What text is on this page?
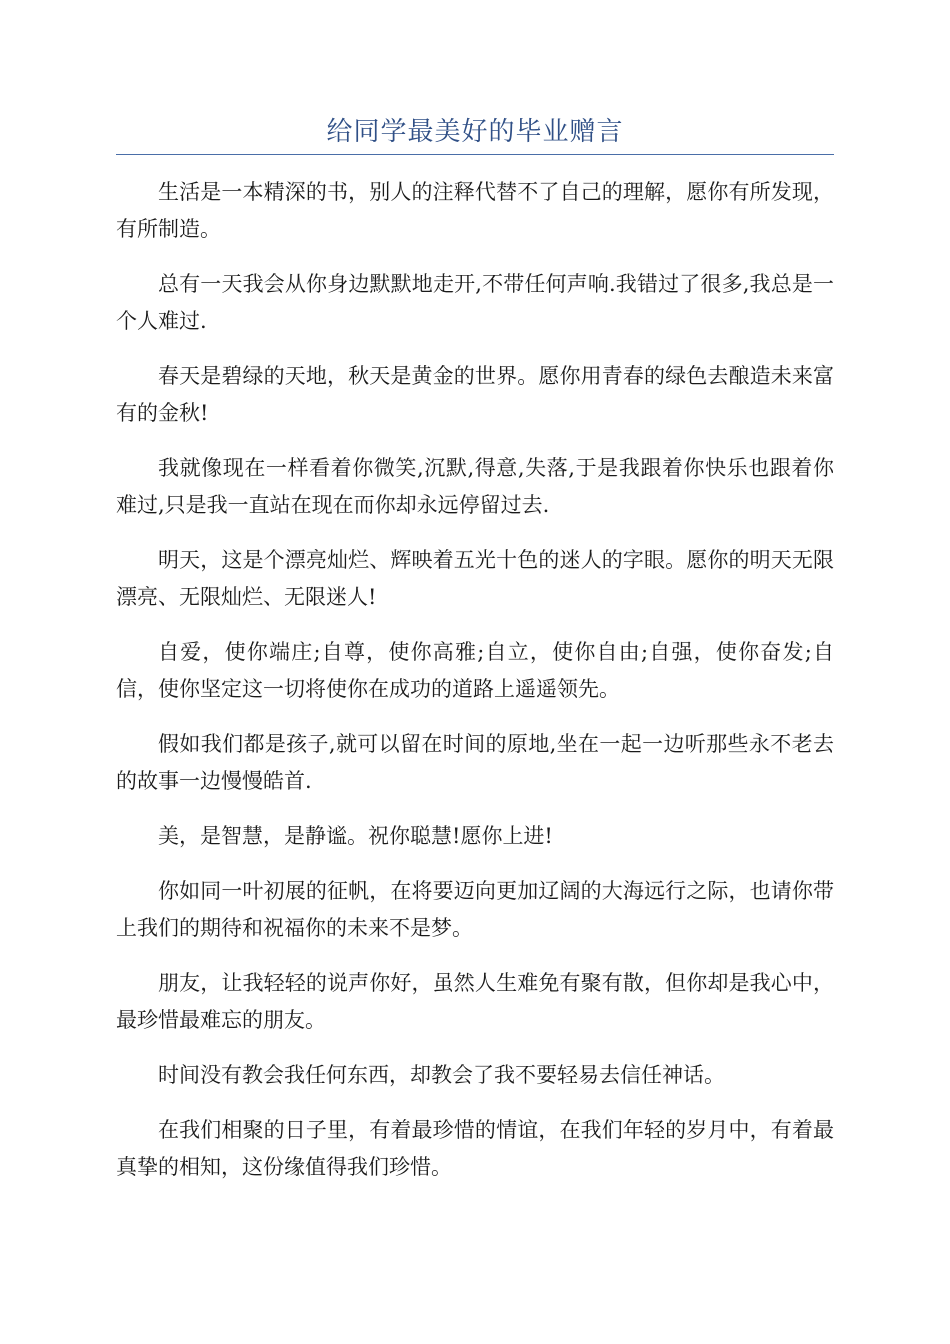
给同学最美好的毕业赠言

生活是一本精深的书，别人的注释代替不了自己的理解，愿你有所发现，有所制造。

总有一天我会从你身边默默地走开,不带任何声响.我错过了很多,我总是一个人难过.

春天是碧绿的天地，秋天是黄金的世界。愿你用青春的绿色去酿造未来富有的金秋!

我就像现在一样看着你微笑,沉默,得意,失落,于是我跟着你快乐也跟着你难过,只是我一直站在现在而你却永远停留过去.

明天，这是个漂亮灿烂、辉映着五光十色的迷人的字眼。愿你的明天无限漂亮、无限灿烂、无限迷人!

自爱，使你端庄;自尊，使你高雅;自立，使你自由;自强，使你奋发;自信，使你坚定这一切将使你在成功的道路上遥遥领先。

假如我们都是孩子,就可以留在时间的原地,坐在一起一边听那些永不老去的故事一边慢慢皓首.

美，是智慧，是静谧。祝你聪慧!愿你上进!

你如同一叶初展的征帆，在将要迈向更加辽阔的大海远行之际，也请你带上我们的期待和祝福你的未来不是梦。

朋友，让我轻轻的说声你好，虽然人生难免有聚有散，但你却是我心中，最珍惜最难忘的朋友。

时间没有教会我任何东西，却教会了我不要轻易去信任神话。

在我们相聚的日子里，有着最珍惜的情谊，在我们年轻的岁月中，有着最真挚的相知，这份缘值得我们珍惜。
